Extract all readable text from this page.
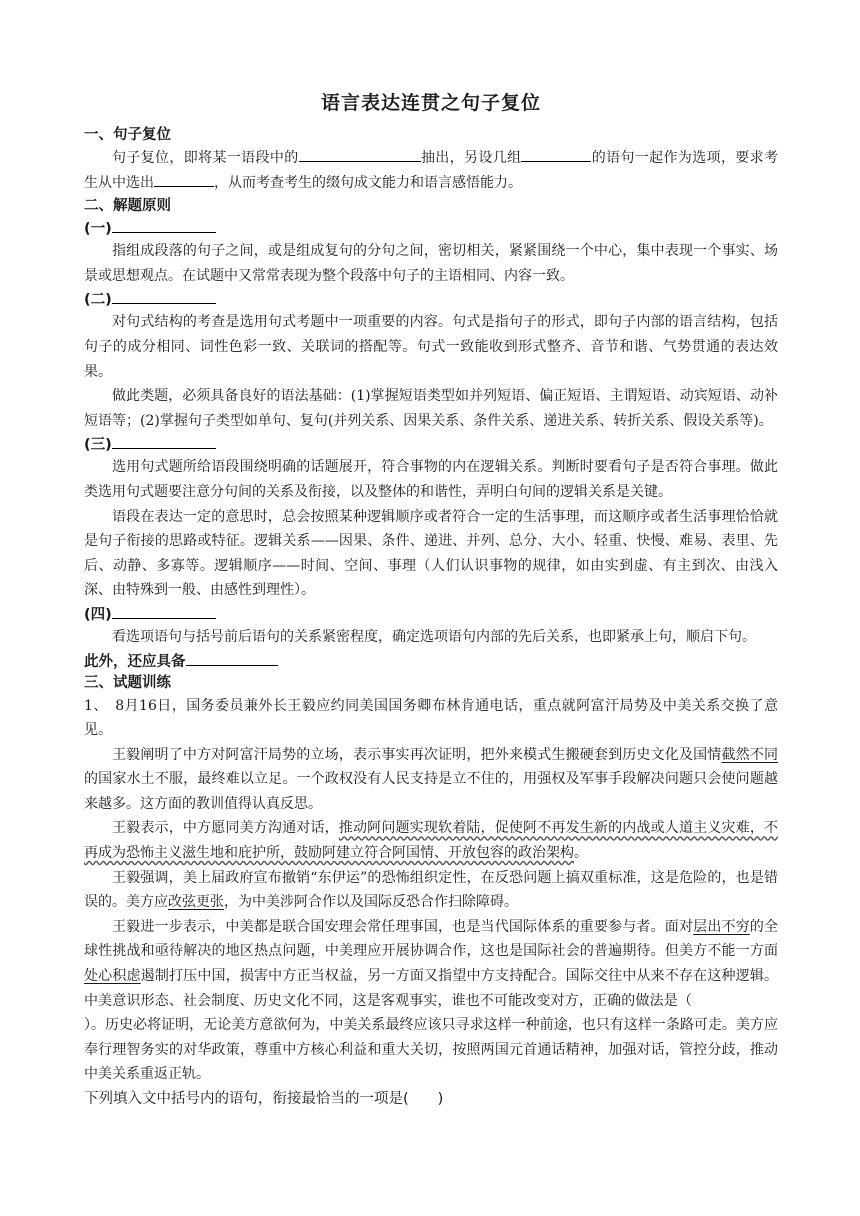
语言表达连贯之句子复位
一、句子复位

句子复位，即将某一语段中的	抽出，另设几组	的语句一起作为选项，要求考生从中选出	，从而考查考生的缀句成文能力和语言感悟能力。

二、解题原则
(一)

指组成段落的句子之间，或是组成复句的分句之间，密切相关，紧紧围绕一个中心，集中表现一个事实、场景或思想观点。在试题中又常常表现为整个段落中句子的主语相同、内容一致。

(二)

对句式结构的考查是选用句式考题中一项重要的内容。句式是指句子的形式，即句子内部的语言结构，包括句子的成分相同、词性色彩一致、关联词的搭配等。句式一致能收到形式整齐、音节和谐、气势贯通的表达效果。

做此类题，必须具备良好的语法基础：(1)掌握短语类型如并列短语、偏正短语、主谓短语、动宾短语、动补短语等；(2)掌握句子类型如单句、复句(并列关系、因果关系、条件关系、递进关系、转折关系、假设关系等)。

(三)

选用句式题所给语段围绕明确的话题展开，符合事物的内在逻辑关系。判断时要看句子是否符合事理。做此类选用句式题要注意分句间的关系及衔接，以及整体的和谐性，弄明白句间的逻辑关系是关键。

语段在表达一定的意思时，总会按照某种逻辑顺序或者符合一定的生活事理，而这顺序或者生活事理恰恰就是句子衔接的思路或特征。逻辑关系——因果、条件、递进、并列、总分、大小、轻重、快慢、难易、表里、先后、动静、多寡等。逻辑顺序——时间、空间、事理（人们认识事物的规律，如由实到虚、有主到次、由浅入深、由特殊到一般、由感性到理性）。

(四)

看选项语句与括号前后语句的关系紧密程度，确定选项语句内部的先后关系，也即紧承上句，顺启下句。

此外，还应具备
三、试题训练

1、　8月16日，国务委员兼外长王毅应约同美国国务卿布林肯通电话，重点就阿富汗局势及中美关系交换了意见。

王毅阐明了中方对阿富汗局势的立场，表示事实再次证明，把外来模式生搬硬套到历史文化及国情截然不同的国家水土不服，最终难以立足。一个政权没有人民支持是立不住的，用强权及军事手段解决问题只会使问题越来越多。这方面的教训值得认真反思。

王毅表示，中方愿同美方沟通对话，推动阿问题实现软着陆，促使阿不再发生新的内战或人道主义灾难，不再成为恐怖主义滋生地和庇护所，鼓励阿建立符合阿国情、开放包容的政治架构。

王毅强调，美上届政府宣布撤销“东伊运”的恐怖组织定性，在反恐问题上搞双重标准，这是危险的，也是错误的。美方应改弦更张，为中美涉阿合作以及国际反恐合作扫除障碍。

王毅进一步表示，中美都是联合国安理会常任理事国，也是当代国际体系的重要参与者。面对层出不穷的全球性挑战和亟待解决的地区热点问题，中美理应开展协调合作，这也是国际社会的普遍期待。但美方不能一方面处心积虑遏制打压中国，损害中方正当权益，另一方面又指望中方支持配合。国际交往中从来不存在这种逻辑。中美意识形态、社会制度、历史文化不同，这是客观事实，谁也不可能改变对方，正确的做法是（）。历史必将证明，无论美方意欲何为，中美关系最终应该只寻求这样一种前途，也只有这样一条路可走。美方应奉行理智务实的对华政策，尊重中方核心利益和重大关切，按照两国元首通话精神，加强对话，管控分歧，推动中美关系重返正轨。

下列填入文中括号内的语句，衔接最恰当的一项是(　　)
